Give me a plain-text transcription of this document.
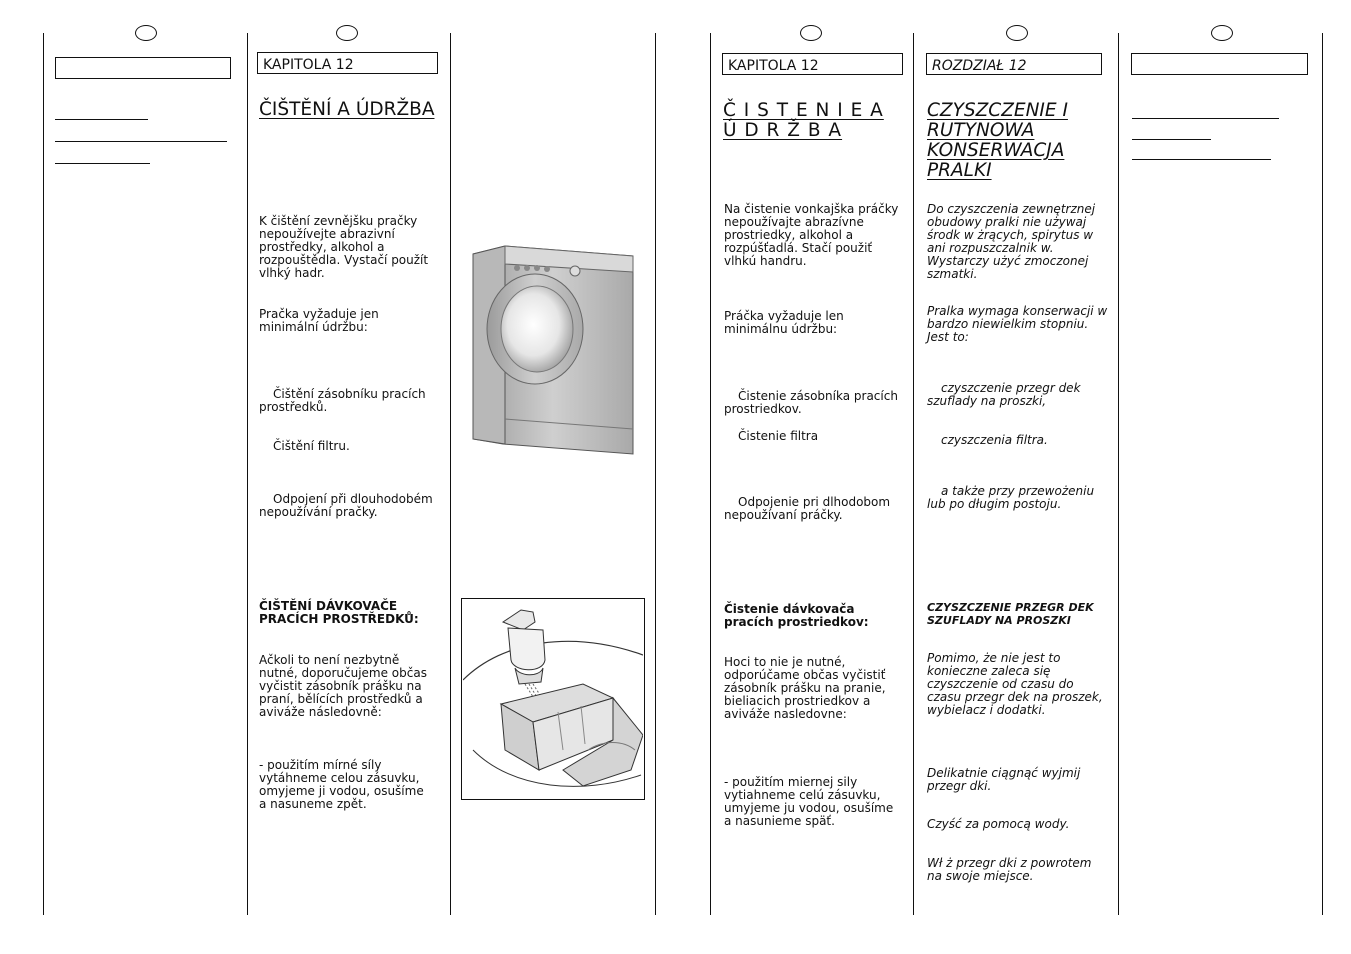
KAPITOLA 12
ČIŠTĚNÍ A ÚDRŽBA
K čištění zevnějšku pračky nepoužívejte abrazivní prostředky, alkohol a rozpouštědla. Vystačí použít vlhký hadr.
Pračka vyžaduje jen minimální údržbu:
Čištění zásobníku pracích prostředků.
Čištění filtru.
Odpojení při dlouhodobém nepoužívání pračky.
ČIŠTĚNÍ DÁVKOVAČE PRACÍCH PROSTŘEDKŮ:
Ačkoli to není nezbytně nutné, doporučujeme občas vyčistit zásobník prášku na praní, bělících prostředků a aviváže následovně:
- použitím mírné síly vytáhneme celou zásuvku, omyjeme ji vodou, osušíme a nasuneme zpět.
KAPITOLA 12
Č I S T E N I E A Ú D R Ž B A
Na čistenie vonkajška práčky nepoužívajte abrazívne prostriedky, alkohol a rozpúšťadlá. Stačí použiť vlhkú handru.
Práčka vyžaduje len minimálnu údržbu:
Čistenie zásobníka pracích prostriedkov.
Čistenie filtra
Odpojenie pri dlhodobom nepoužívaní práčky.
Čistenie dávkovača pracích prostriedkov:
Hoci to nie je nutné, odporúčame občas vyčistiť zásobník prášku na pranie, bieliacich prostriedkov a aviváže nasledovne:
- použitím miernej sily vytiahneme celú zásuvku, umyjeme ju vodou, osušíme a nasunieme späť.
ROZDZIAŁ 12
CZYSZCZENIE I RUTYNOWA KONSERWACJA PRALKI
Do czyszczenia zewnętrznej obudowy pralki nie używaj środk w żrących, spirytus w ani rozpuszczalnik w. Wystarczy użyć zmoczonej szmatki.
Pralka wymaga konserwacji w bardzo niewielkim stopniu. Jest to:
czyszczenie przegr dek szuflady na proszki,
czyszczenia filtra.
a także przy przewożeniu lub po długim postoju.
CZYSZCZENIE PRZEGR DEK SZUFLADY NA PROSZKI
Pomimo, że nie jest to konieczne zaleca się czyszczenie od czasu do czasu przegr dek na proszek, wybielacz i dodatki.
Delikatnie ciągnąć wyjmij przegr dki.
Czyść za pomocą wody.
Wł ż przegr dki z powrotem na swoje miejsce.
